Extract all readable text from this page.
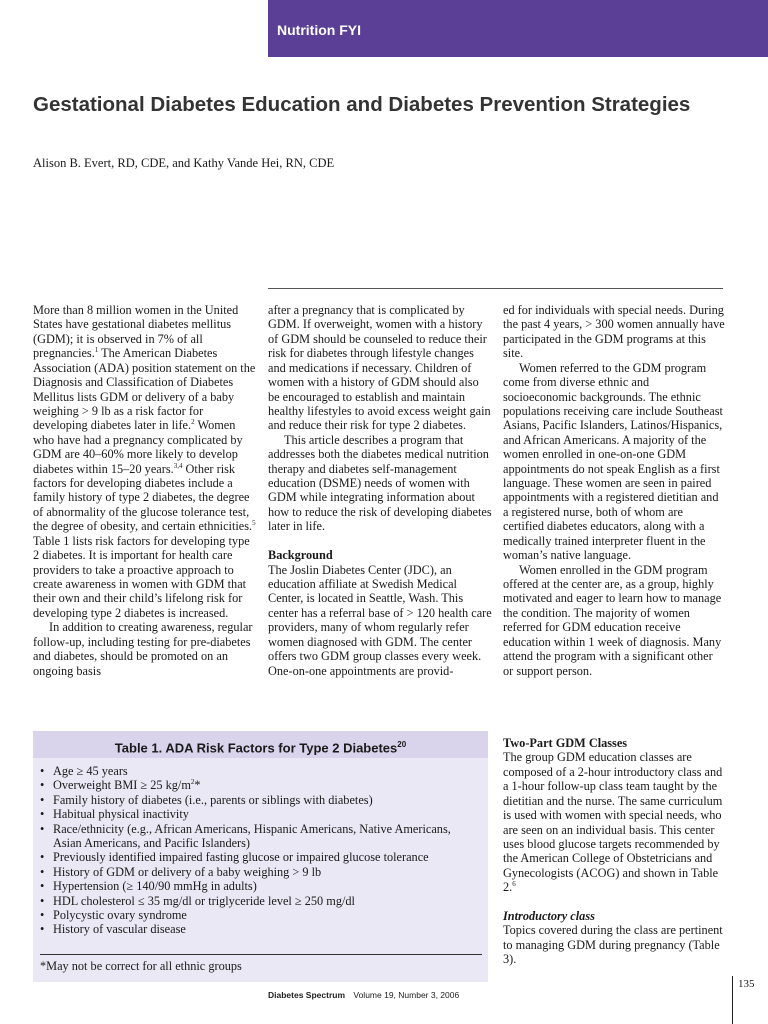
Nutrition FYI
Gestational Diabetes Education and Diabetes Prevention Strategies
Alison B. Evert, RD, CDE, and Kathy Vande Hei, RN, CDE

More than 8 million women in the United States have gestational diabetes mellitus (GDM); it is observed in 7% of all pregnancies.$^1$ The American Diabetes Association (ADA) position statement on the Diagnosis and Classification of Diabetes Mellitus lists GDM or delivery of a baby weighing > 9 lb as a risk factor for developing diabetes later in life.$^2$ Women who have had a pregnancy complicated by GDM are 40–60% more likely to develop diabetes within 15–20 years.$^{3,4}$ Other risk factors for developing diabetes include a family history of type 2 diabetes, the degree of abnormality of the glucose tolerance test, the degree of obesity, and certain ethnicities.$^5$ Table 1 lists risk factors for developing type 2 diabetes. It is important for health care providers to take a proactive approach to create awareness in women with GDM that their own and their child’s lifelong risk for developing type 2 diabetes is increased.

In addition to creating awareness, regular follow-up, including testing for pre-diabetes and diabetes, should be promoted on an ongoing basis

after a pregnancy that is complicated by GDM. If overweight, women with a history of GDM should be counseled to reduce their risk for diabetes through lifestyle changes and medications if necessary. Children of women with a history of GDM should also be encouraged to establish and maintain healthy lifestyles to avoid excess weight gain and reduce their risk for type 2 diabetes.

This article describes a program that addresses both the diabetes medical nutrition therapy and diabetes self-management education (DSME) needs of women with GDM while integrating information about how to reduce the risk of developing diabetes later in life.

Background

The Joslin Diabetes Center (JDC), an education affiliate at Swedish Medical Center, is located in Seattle, Wash. This center has a referral base of > 120 health care providers, many of whom regularly refer women diagnosed with GDM. The center offers two GDM group classes every week. One-on-one appointments are provid-

ed for individuals with special needs. During the past 4 years, > 300 women annually have participated in the GDM programs at this site.

Women referred to the GDM program come from diverse ethnic and socioeconomic backgrounds. The ethnic populations receiving care include Southeast Asians, Pacific Islanders, Latinos/Hispanics, and African Americans. A majority of the women enrolled in one-on-one GDM appointments do not speak English as a first language. These women are seen in paired appointments with a registered dietitian and a registered nurse, both of whom are certified diabetes educators, along with a medically trained interpreter fluent in the woman’s native language.

Women enrolled in the GDM program offered at the center are, as a group, highly motivated and eager to learn how to manage the condition. The majority of women referred for GDM education receive education within 1 week of diagnosis. Many attend the program with a significant other or support person.

Two-Part GDM Classes

The group GDM education classes are composed of a 2-hour introductory class and a 1-hour follow-up class team taught by the dietitian and the nurse. The same curriculum is used with women with special needs, who are seen on an individual basis. This center uses blood glucose targets recommended by the American College of Obstetricians and Gynecologists (ACOG) and shown in Table 2.$^6$

Introductory class

Topics covered during the class are pertinent to managing GDM during pregnancy (Table 3).

Table 1. ADA Risk Factors for Type 2 Diabetes$^{20}$
• Age ≥ 45 years
• Overweight BMI ≥ 25 $kg/m^2*$
• Family history of diabetes (i.e., parents or siblings with diabetes)
• Habitual physical inactivity
• Race/ethnicity (e.g., African Americans, Hispanic Americans, Native Americans, Asian Americans, and Pacific Islanders)
• Previously identified impaired fasting glucose or impaired glucose tolerance
• History of GDM or delivery of a baby weighing > 9 lb
• Hypertension (≥ 140/90 mmHg in adults)
• HDL cholesterol ≤ 35 mg/dl or triglyceride level ≥ 250 mg/dl
• Polycystic ovary syndrome
• History of vascular disease
*May not be correct for all ethnic groups
Diabetes Spectrum Volume 19, Number 3, 2006
135
